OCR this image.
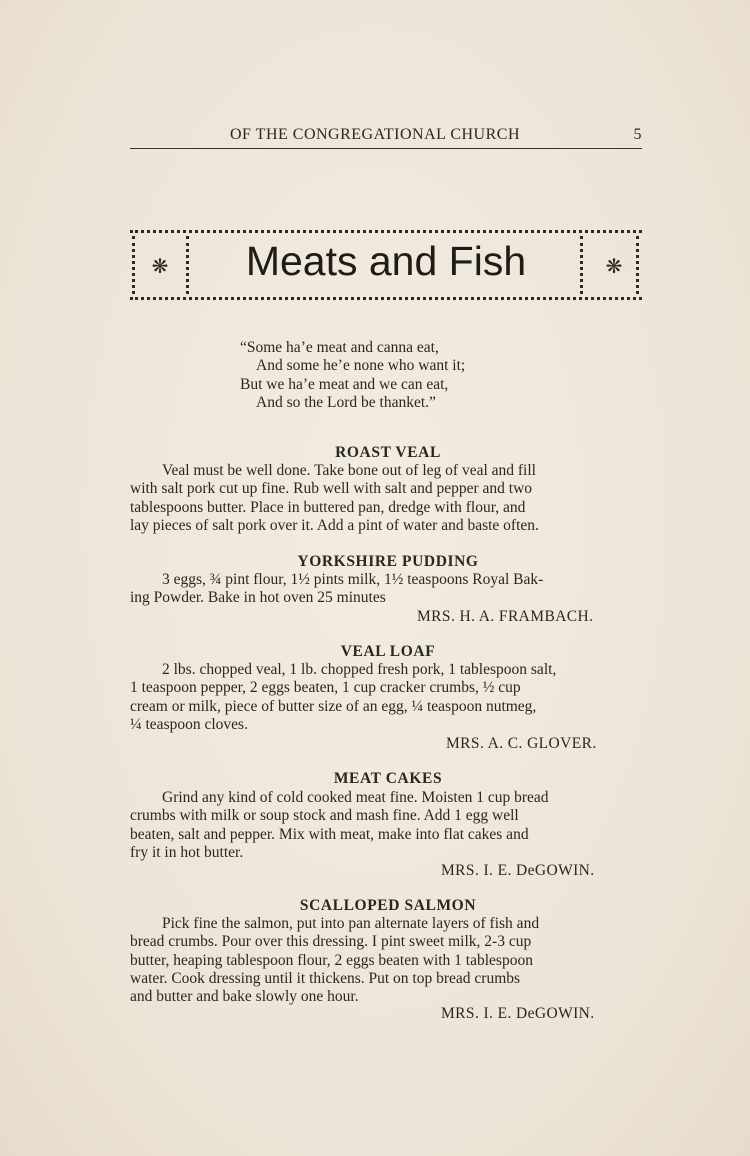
OF THE CONGREGATIONAL CHURCH	5
❋	Meats and Fish	❋
“Some ha’e meat and canna eat,
And some he’e none who want it;
But we ha’e meat and we can eat,
And so the Lord be thanket.”
ROAST VEAL
Veal must be well done. Take bone out of leg of veal and fill
with salt pork cut up fine. Rub well with salt and pepper and two
tablespoons butter. Place in buttered pan, dredge with flour, and
lay pieces of salt pork over it. Add a pint of water and baste often.
YORKSHIRE PUDDING
3 eggs, ¾ pint flour, 1½ pints milk, 1½ teaspoons Royal Bak-
ing Powder. Bake in hot oven 25 minutes
MRS. H. A. FRAMBACH.
VEAL LOAF
2 lbs. chopped veal, 1 lb. chopped fresh pork, 1 tablespoon salt,
1 teaspoon pepper, 2 eggs beaten, 1 cup cracker crumbs, ½ cup
cream or milk, piece of butter size of an egg, ¼ teaspoon nutmeg,
¼ teaspoon cloves.
MRS. A. C. GLOVER.
MEAT CAKES
Grind any kind of cold cooked meat fine. Moisten 1 cup bread
crumbs with milk or soup stock and mash fine. Add 1 egg well
beaten, salt and pepper. Mix with meat, make into flat cakes and
fry it in hot butter.
MRS. I. E. DeGOWIN.
SCALLOPED SALMON
Pick fine the salmon, put into pan alternate layers of fish and
bread crumbs. Pour over this dressing. I pint sweet milk, 2-3 cup
butter, heaping tablespoon flour, 2 eggs beaten with 1 tablespoon
water. Cook dressing until it thickens. Put on top bread crumbs
and butter and bake slowly one hour.
MRS. I. E. DeGOWIN.
